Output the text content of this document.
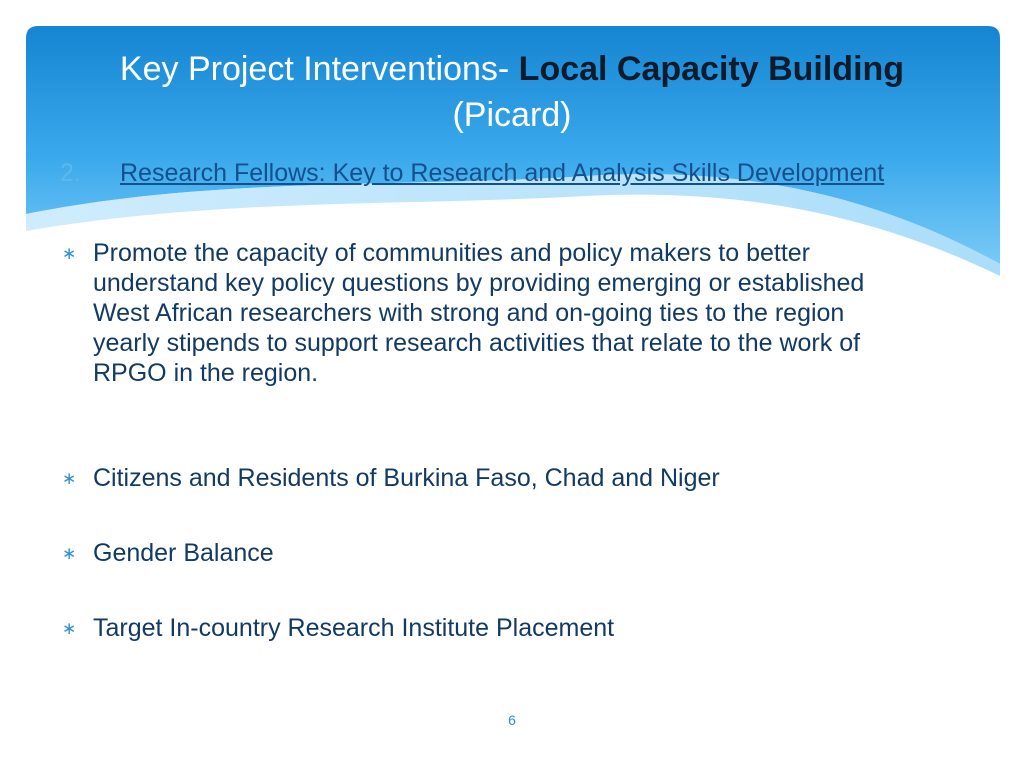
Key Project Interventions- Local Capacity Building
(Picard)
2.	Research Fellows: Key to Research and Analysis Skills Development
∗ Promote the capacity of communities and policy makers to better understand key policy questions by providing emerging or established West African researchers with strong and on-going ties to the region yearly stipends to support research activities that relate to the work of RPGO in the region.
∗ Citizens and Residents of Burkina Faso, Chad and Niger
∗ Gender Balance
∗ Target In-country Research Institute Placement
6
